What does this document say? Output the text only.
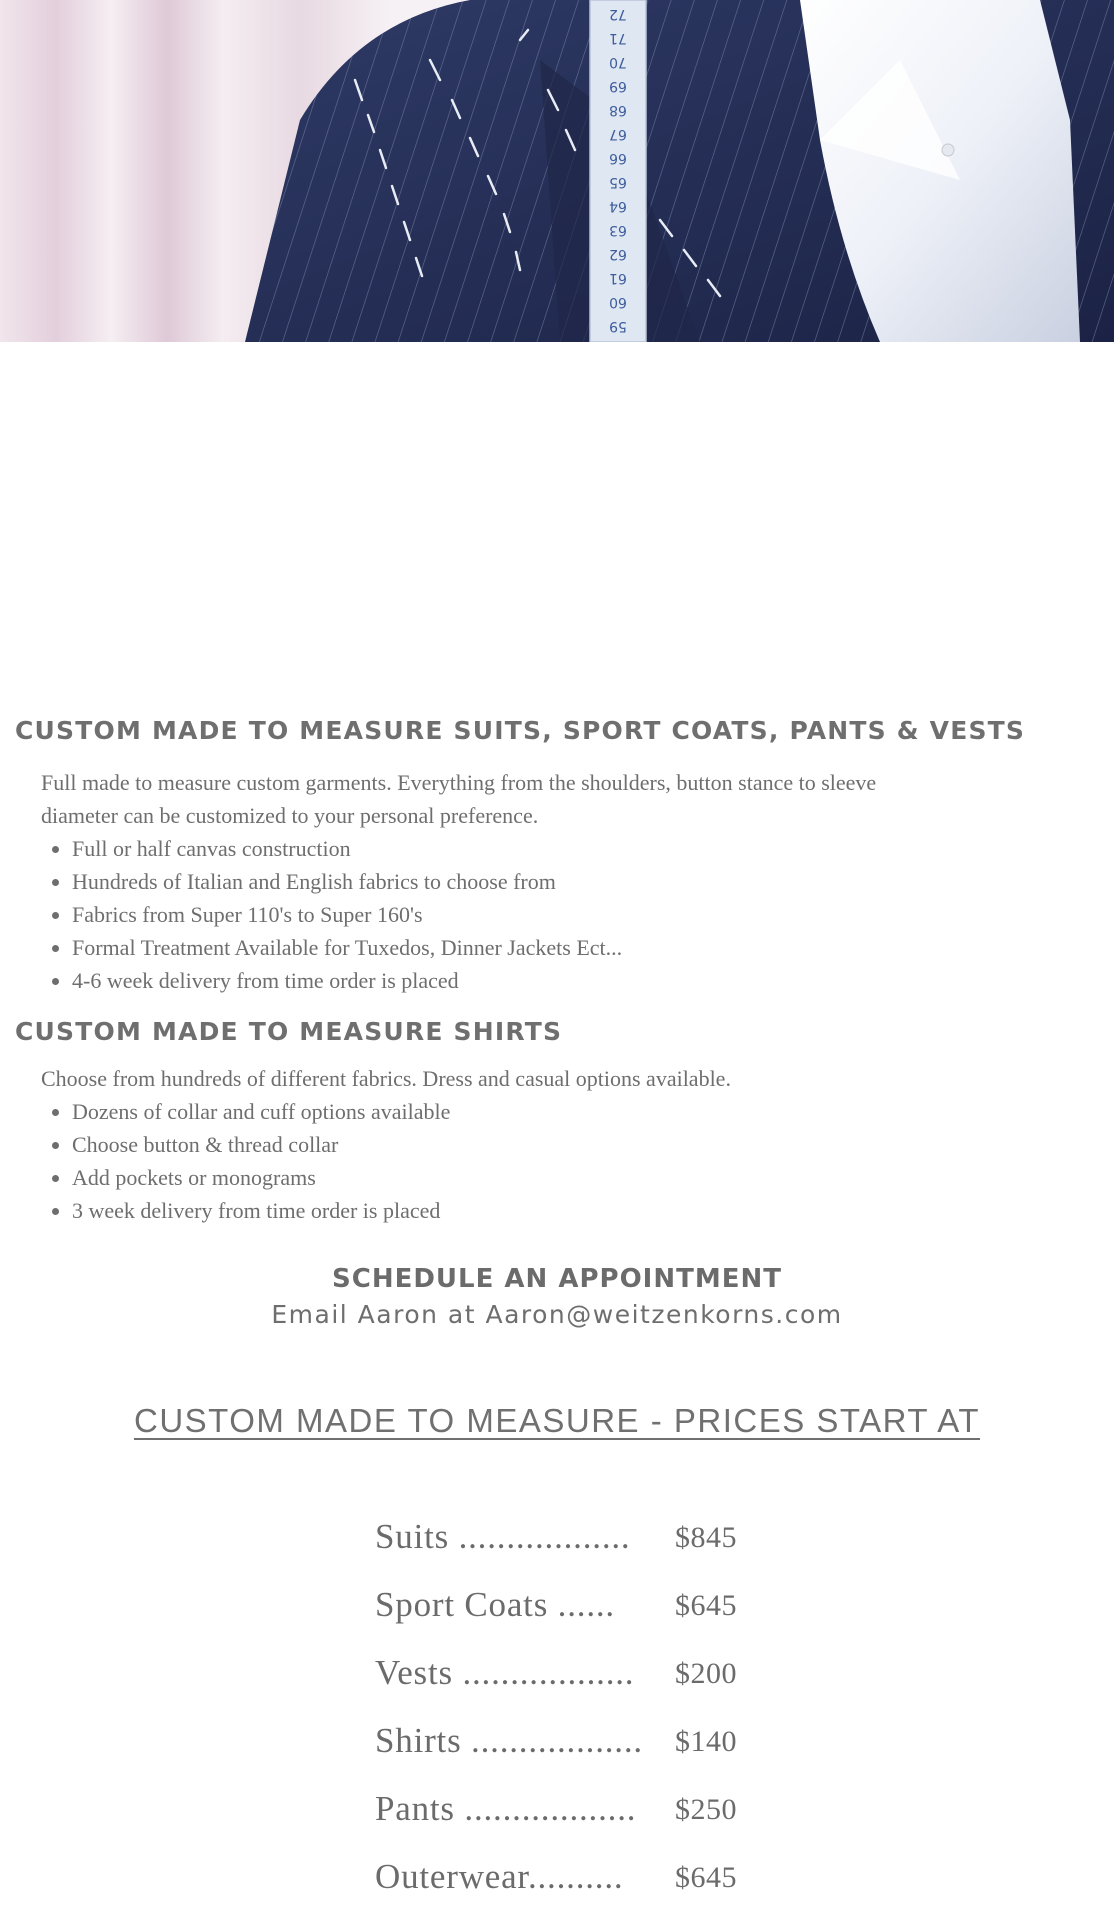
72
71
70
69
68
67
66
65
64
63
62
61
60
59
CUSTOM MADE TO MEASURE SUITS, SPORT COATS, PANTS & VESTS

Full made to measure custom garments. Everything from the shoulders, button stance to sleeve diameter can be customized to your personal preference.

• Full or half canvas construction
• Hundreds of Italian and English fabrics to choose from
• Fabrics from Super 110's to Super 160's
• Formal Treatment Available for Tuxedos, Dinner Jackets Ect...
• 4-6 week delivery from time order is placed
CUSTOM MADE TO MEASURE SHIRTS

Choose from hundreds of different fabrics. Dress and casual options available.

• Dozens of collar and cuff options available
• Choose button & thread collar
• Add pockets or monograms
• 3 week delivery from time order is placed
SCHEDULE AN APPOINTMENT
Email Aaron at Aaron@weitzenkorns.com
CUSTOM MADE TO MEASURE - PRICES START AT
Suits .................. $845
Sport Coats ...... $645
Vests .................. $200
Shirts .................. $140
Pants .................. $250
Outerwear.......... $645
